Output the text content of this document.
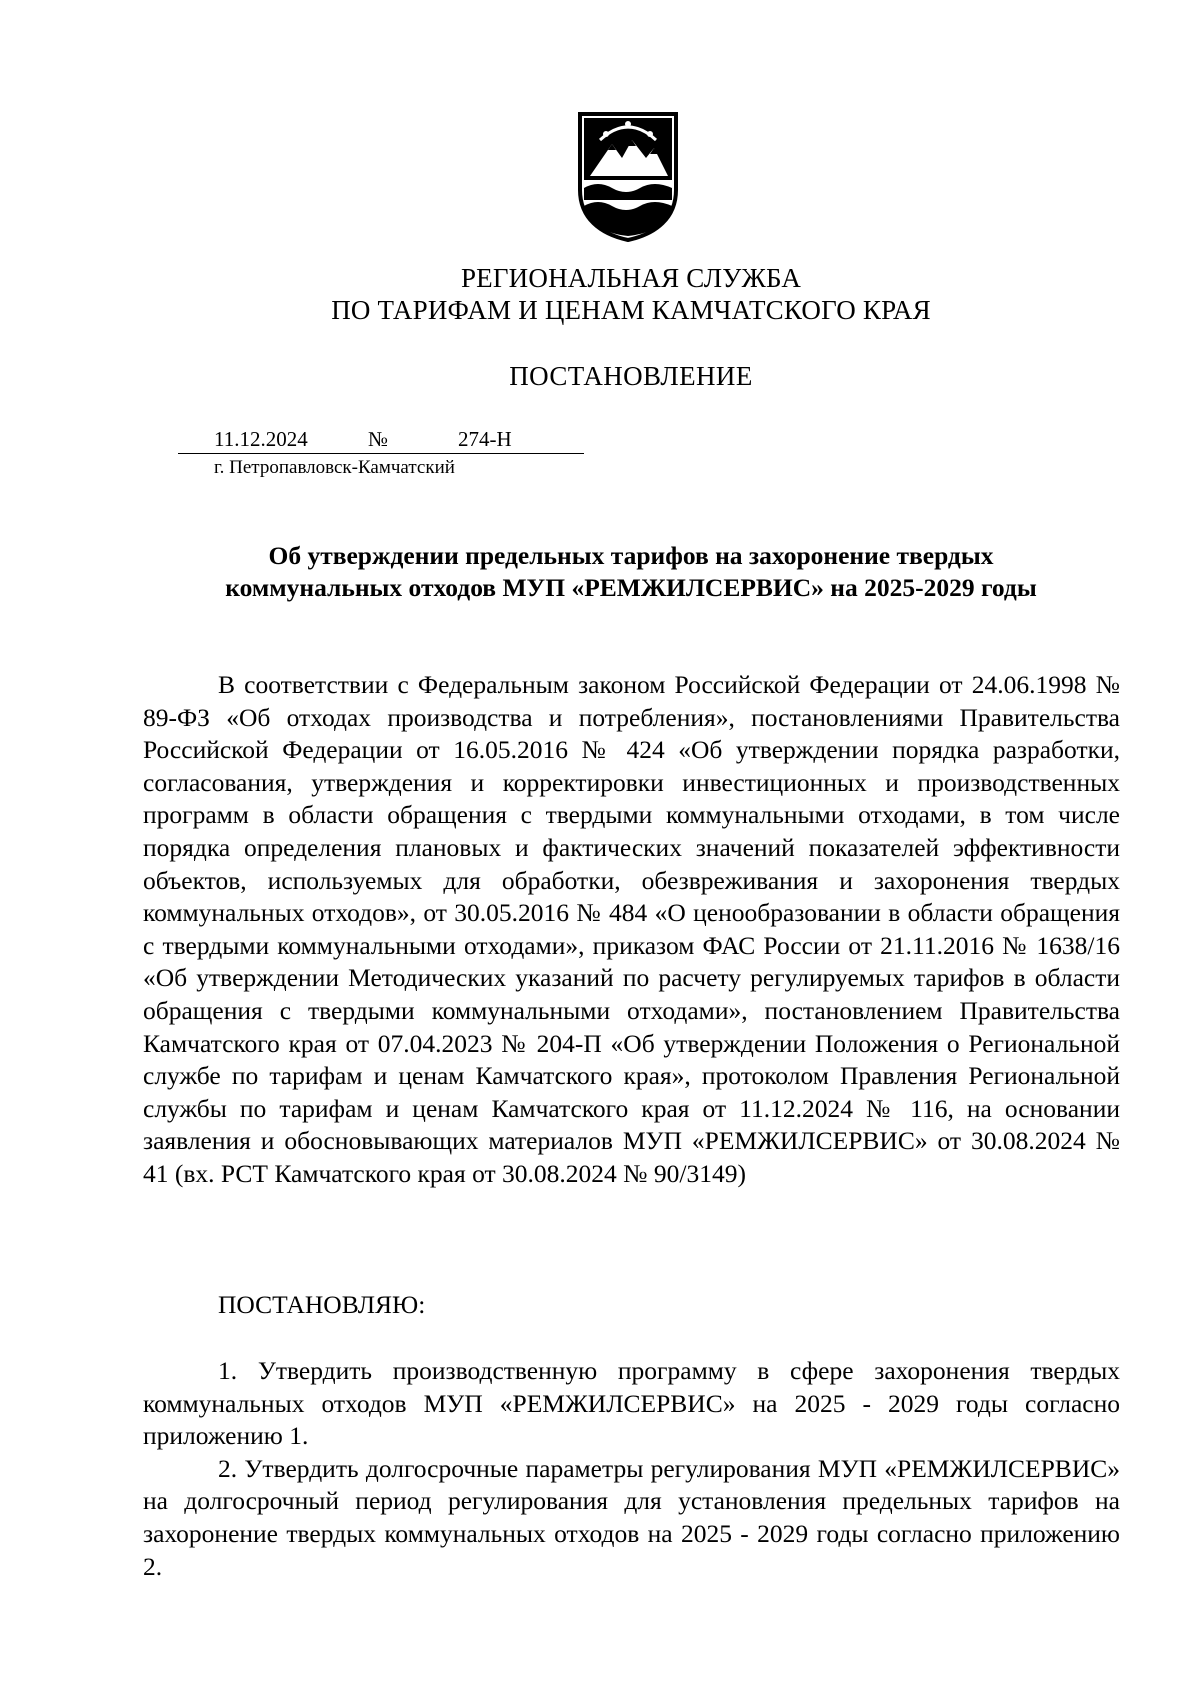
РЕГИОНАЛЬНАЯ СЛУЖБА
ПО ТАРИФАМ И ЦЕНАМ КАМЧАТСКОГО КРАЯ
ПОСТАНОВЛЕНИЕ
11.12.2024	№	274-Н
г. Петропавловск-Камчатский
Об утверждении предельных тарифов на захоронение твердых
коммунальных отходов МУП «РЕМЖИЛСЕРВИС» на 2025-2029 годы

В соответствии с Федеральным законом Российской Федерации от 24.06.1998 № 89-ФЗ «Об отходах производства и потребления», постановлениями Правительства Российской Федерации от 16.05.2016 № 424 «Об утверждении порядка разработки, согласования, утверждения и корректировки инвестиционных и производственных программ в области обращения с твердыми коммунальными отходами, в том числе порядка определения плановых и фактических значений показателей эффективности объектов, используемых для обработки, обезвреживания и захоронения твердых коммунальных отходов», от 30.05.2016 № 484 «О ценообразовании в области обращения с твердыми коммунальными отходами», приказом ФАС России от 21.11.2016 № 1638/16 «Об утверждении Методических указаний по расчету регулируемых тарифов в области обращения с твердыми коммунальными отходами», постановлением Правительства Камчатского края от 07.04.2023 № 204-П «Об утверждении Положения о Региональной службе по тарифам и ценам Камчатского края», протоколом Правления Региональной службы по тарифам и ценам Камчатского края от 11.12.2024 № 116, на основании заявления и обосновывающих материалов МУП «РЕМЖИЛСЕРВИС» от 30.08.2024 № 41 (вх. РСТ Камчатского края от 30.08.2024 № 90/3149)

ПОСТАНОВЛЯЮ:

1. Утвердить производственную программу в сфере захоронения твердых коммунальных отходов МУП «РЕМЖИЛСЕРВИС» на 2025 - 2029 годы согласно приложению 1.

2. Утвердить долгосрочные параметры регулирования МУП «РЕМЖИЛСЕРВИС» на долгосрочный период регулирования для установления предельных тарифов на захоронение твердых коммунальных отходов на 2025 - 2029 годы согласно приложению 2.
